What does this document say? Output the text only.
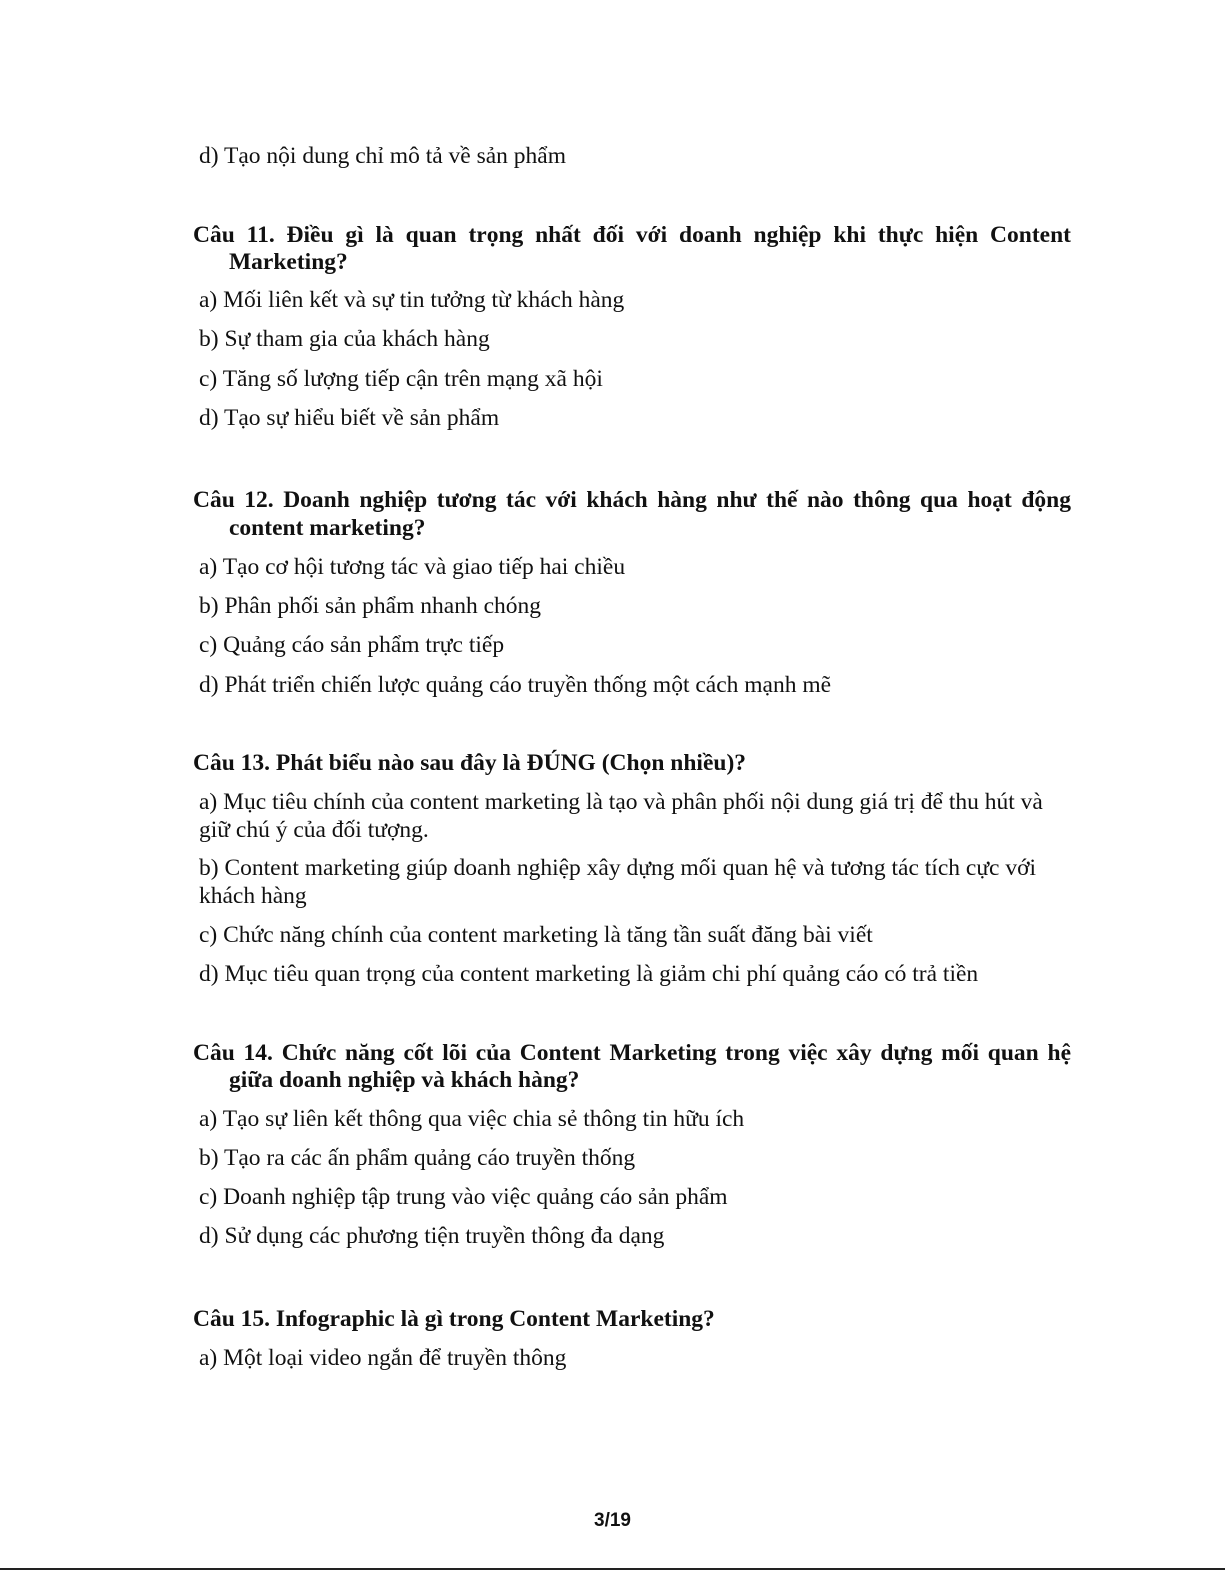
d) Tạo nội dung chỉ mô tả về sản phẩm
Câu 11. Điều gì là quan trọng nhất đối với doanh nghiệp khi thực hiện Content
Marketing?
a) Mối liên kết và sự tin tưởng từ khách hàng
b) Sự tham gia của khách hàng
c) Tăng số lượng tiếp cận trên mạng xã hội
d) Tạo sự hiểu biết về sản phẩm
Câu 12. Doanh nghiệp tương tác với khách hàng như thế nào thông qua hoạt động
content marketing?
a) Tạo cơ hội tương tác và giao tiếp hai chiều
b) Phân phối sản phẩm nhanh chóng
c) Quảng cáo sản phẩm trực tiếp
d) Phát triển chiến lược quảng cáo truyền thống một cách mạnh mẽ
Câu 13. Phát biểu nào sau đây là ĐÚNG (Chọn nhiều)?
a) Mục tiêu chính của content marketing là tạo và phân phối nội dung giá trị để thu hút và giữ chú ý của đối tượng.
b) Content marketing giúp doanh nghiệp xây dựng mối quan hệ và tương tác tích cực với khách hàng
c) Chức năng chính của content marketing là tăng tần suất đăng bài viết
d) Mục tiêu quan trọng của content marketing là giảm chi phí quảng cáo có trả tiền
Câu 14. Chức năng cốt lõi của Content Marketing trong việc xây dựng mối quan hệ
giữa doanh nghiệp và khách hàng?
a) Tạo sự liên kết thông qua việc chia sẻ thông tin hữu ích
b) Tạo ra các ấn phẩm quảng cáo truyền thống
c) Doanh nghiệp tập trung vào việc quảng cáo sản phẩm
d) Sử dụng các phương tiện truyền thông đa dạng
Câu 15. Infographic là gì trong Content Marketing?
a) Một loại video ngắn để truyền thông
3/19
